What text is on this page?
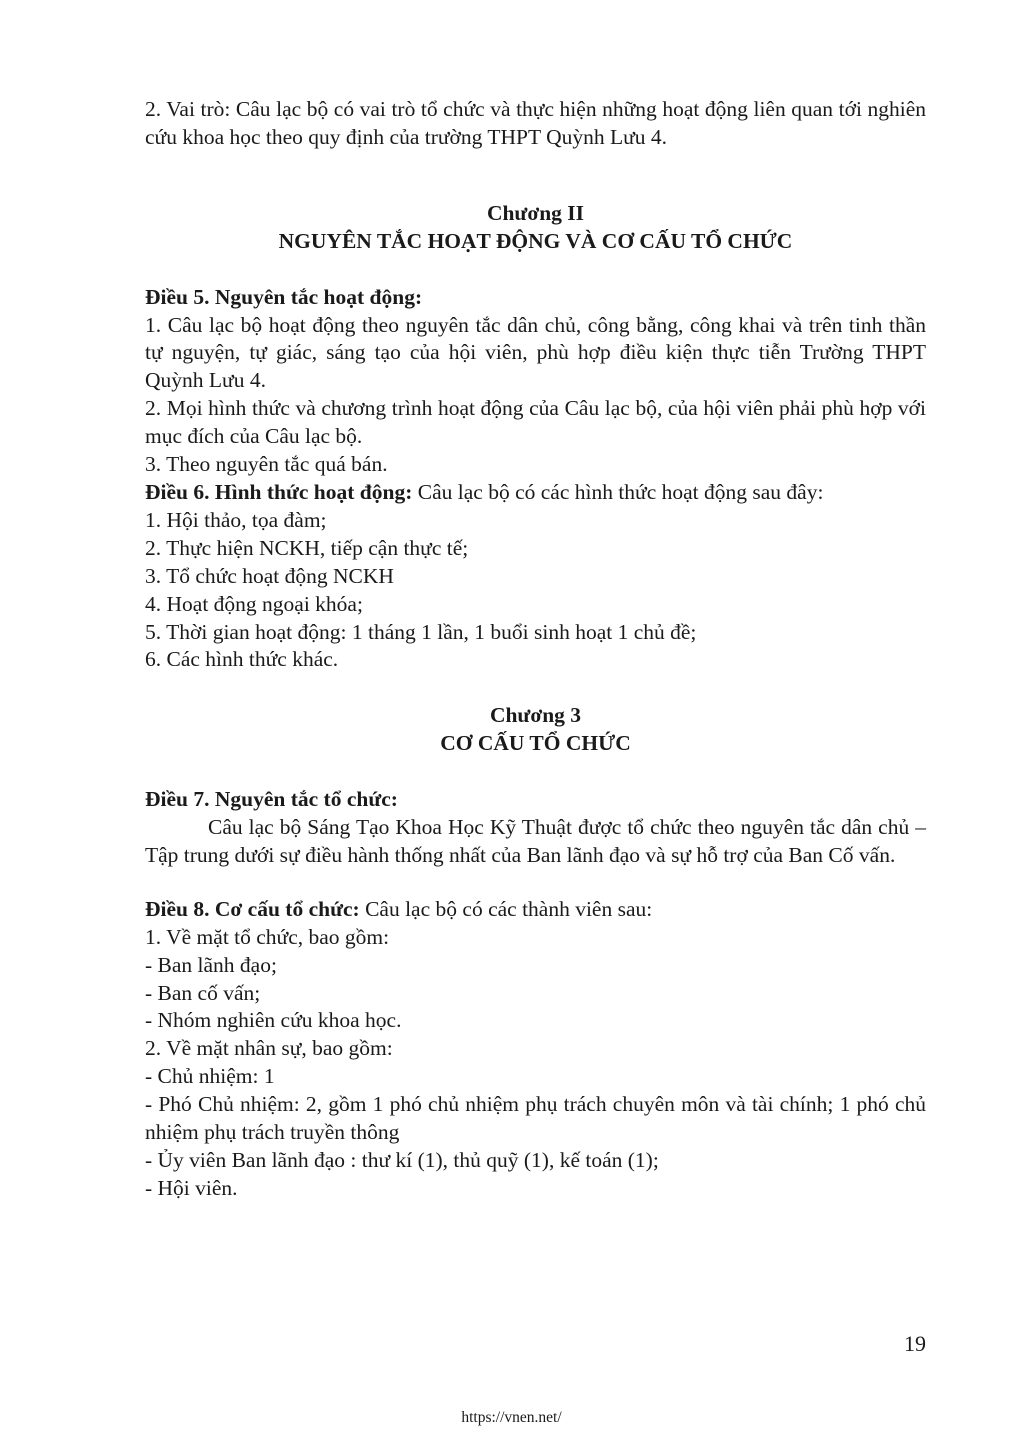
2. Vai trò: Câu lạc bộ có vai trò tổ chức và thực hiện những hoạt động liên quan tới nghiên cứu khoa học theo quy định của trường THPT Quỳnh Lưu 4.

Chương II

NGUYÊN TẮC HOẠT ĐỘNG VÀ CƠ CẤU TỔ CHỨC

Điều 5. Nguyên tắc hoạt động:

1. Câu lạc bộ hoạt động theo nguyên tắc dân chủ, công bằng, công khai và trên tinh thần tự nguyện, tự giác, sáng tạo của hội viên, phù hợp điều kiện thực tiễn Trường THPT Quỳnh Lưu 4.

2. Mọi hình thức và chương trình hoạt động của Câu lạc bộ, của hội viên phải phù hợp với mục đích của Câu lạc bộ.

3. Theo nguyên tắc quá bán.

Điều 6. Hình thức hoạt động: Câu lạc bộ có các hình thức hoạt động sau đây:

1. Hội thảo, tọa đàm;

2. Thực hiện NCKH, tiếp cận thực tế;

3. Tổ chức hoạt động NCKH

4. Hoạt động ngoại khóa;

5. Thời gian hoạt động: 1 tháng 1 lần, 1 buổi sinh hoạt 1 chủ đề;

6. Các hình thức khác.

Chương 3

CƠ CẤU TỔ CHỨC

Điều 7. Nguyên tắc tổ chức:

Câu lạc bộ Sáng Tạo Khoa Học Kỹ Thuật được tổ chức theo nguyên tắc dân chủ – Tập trung dưới sự điều hành thống nhất của Ban lãnh đạo và sự hỗ trợ của Ban Cố vấn.

Điều 8. Cơ cấu tổ chức: Câu lạc bộ có các thành viên sau:

1. Về mặt tổ chức, bao gồm:

- Ban lãnh đạo;

- Ban cố vấn;

- Nhóm nghiên cứu khoa học.

2. Về mặt nhân sự, bao gồm:

- Chủ nhiệm: 1

- Phó Chủ nhiệm: 2, gồm 1 phó chủ nhiệm phụ trách chuyên môn và tài chính; 1 phó chủ nhiệm phụ trách truyền thông

- Ủy viên Ban lãnh đạo : thư kí (1), thủ quỹ (1), kế toán (1);

- Hội viên.

19
https://vnen.net/
